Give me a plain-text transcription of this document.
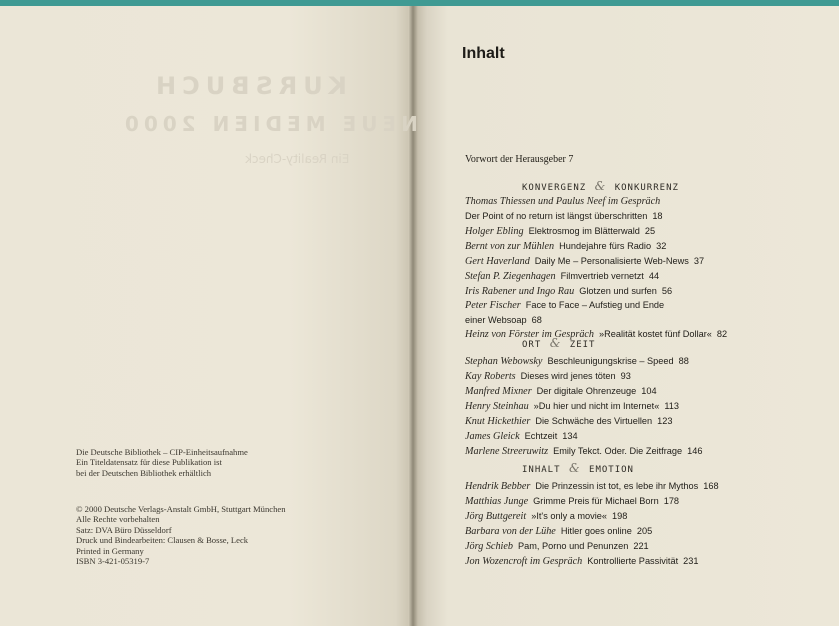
KURSBUCH
NEUE MEDIEN 2000
Ein Reality-Check
Die Deutsche Bibliothek – CIP-Einheitsaufnahme
Ein Titeldatensatz für diese Publikation ist
bei der Deutschen Bibliothek erhältlich
© 2000 Deutsche Verlags-Anstalt GmbH, Stuttgart München
Alle Rechte vorbehalten
Satz: DVA Büro Düsseldorf
Druck und Bindearbeiten: Clausen & Bosse, Leck
Printed in Germany
ISBN 3-421-05319-7
Inhalt
Vorwort der Herausgeber 7
KONVERGENZ & KONKURRENZ
ORT & ZEIT
INHALT & EMOTION
Thomas Thiessen und Paulus Neef im Gespräch
Der Point of no return ist längst überschritten  18
Holger Ebling  Elektrosmog im Blätterwald  25
Bernt von zur Mühlen  Hundejahre fürs Radio  32
Gert Haverland  Daily Me – Personalisierte Web-News  37
Stefan P. Ziegenhagen  Filmvertrieb vernetzt  44
Iris Rabener und Ingo Rau  Glotzen und surfen  56
Peter Fischer  Face to Face – Aufstieg und Ende
einer Websoap  68
Heinz von Förster im Gespräch  »Realität kostet fünf Dollar«  82
Stephan Webowsky  Beschleunigungskrise – Speed  88
Kay Roberts  Dieses wird jenes töten  93
Manfred Mixner  Der digitale Ohrenzeuge  104
Henry Steinhau  »Du hier und nicht im Internet«  113
Knut Hickethier  Die Schwäche des Virtuellen  123
James Gleick  Echtzeit  134
Marlene Streeruwitz  Emily Tekct. Oder. Die Zeitfrage  146
Hendrik Bebber  Die Prinzessin ist tot, es lebe ihr Mythos  168
Matthias Junge  Grimme Preis für Michael Born  178
Jörg Buttgereit  »It's only a movie«  198
Barbara von der Lühe  Hitler goes online  205
Jörg Schieb  Pam, Porno und Penunzen  221
Jon Wozencroft im Gespräch  Kontrollierte Passivität  231
